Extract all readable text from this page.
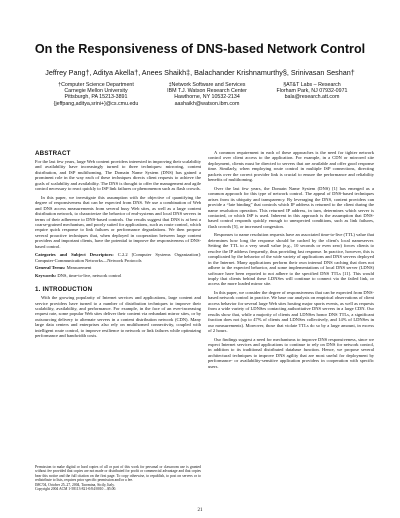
On the Responsiveness of DNS-based Network Control
Jeffrey Pang†, Aditya Akella†, Anees Shaikh‡, Balachander Krishnamurthy§, Srinivasan Seshan†
†Computer Science Department
Carnegie Mellon University
Pittsburgh, PA 15213-3891
{jeffpang,aditya,srini+}@cs.cmu.edu
‡Network Software and Services
IBM T.J. Watson Research Center
Hawthorne, NY 10532-2134
aashaikh@watson.ibm.com
§AT&T Labs – Research
Florham Park, NJ 07932-0971
bala@research.att.com
ABSTRACT

For the last few years, large Web content providers interested in improving their scalability and availability have increasingly turned to three techniques: mirroring, content distribution, and ISP multihoming. The Domain Name System (DNS) has gained a prominent role in the way each of these techniques directs client requests to achieve the goals of scalability and availability. The DNS is thought to offer the management and agile control necessary to react quickly to ISP link failures or phenomenon such as flash crowds.

In this paper, we investigate this assumption with the objective of quantifying the degree of responsiveness that can be expected from DNS. We use a combination of Web and DNS access measurements from several busy Web sites, as well as a large content distribution network, to characterize the behavior of end-systems and local DNS servers in terms of their adherence to DNS-based controls. Our results suggest that DNS is at best a coarse-grained mechanism, and poorly suited for applications, such as route control, which require quick response to link failures or performance degradations. We then propose several proactive techniques that, when deployed in cooperation between large content providers and important clients, have the potential to improve the responsiveness of DNS-based control.

Categories and Subject Descriptors: C.2.2 [Computer Systems Organization]: Computer-Communication Networks—Network Protocols
General Terms: Measurement
Keywords: DNS, time-to-live, network control
1. INTRODUCTION

With the growing popularity of Internet services and applications, large content and service providers have turned to a number of distribution techniques to improve their scalability, availability, and performance. For example, in the face of an ever-increasing request rate, some popular Web sites deliver their content via redundant mirror sites, or by outsourcing delivery to alternate servers in a content distribution network (CDN). Many large data centers and enterprises also rely on multihomed connectivity, coupled with intelligent route control, to improve resilience to network or link failures while optimizing performance and bandwidth costs.

Permission to make digital or hard copies of all or part of this work for personal or classroom use is granted without fee provided that copies are not made or distributed for profit or commercial advantage and that copies bear this notice and the full citation on the first page. To copy otherwise, to republish, to post on servers or to redistribute to lists, requires prior specific permission and/or a fee.
IMC'04, October 25–27, 2004, Taormina, Sicily, Italy.
Copyright 2004 ACM 1-58113-821-0/04/0010 ...$5.00.

A common requirement in each of these approaches is the need for tighter network control over client access to the application. For example, in a CDN or mirrored site deployment, clients must be directed to servers that are available and offer good response time. Similarly, when employing route control in multiple ISP connections, directing packets over the correct provider link is crucial to ensure the performance and reliability benefits of multihoming.

Over the last few years, the Domain Name System (DNS) [1] has emerged as a common approach for this type of network control. The appeal of DNS-based techniques arises from its ubiquity and transparency. By leveraging the DNS, content providers can provide a “late binding” that controls which IP address is returned to the client during the name resolution operation. This returned IP address, in turn, determines which server is contacted, or which ISP is used. Inherent in this approach is the assumption that DNS-based control responds quickly enough to unexpected conditions, such as link failures, flash crowds [5], or increased congestion.

Responses to name resolution requests have an associated time-to-live (TTL) value that determines how long the response should be cached by the client's local nameserver. Setting the TTL to a very small value (e.g., 10 seconds or even zero) forces clients to resolve the IP address frequently, thus providing fast response. In practice, however, this is complicated by the behavior of the wide variety of applications and DNS servers deployed in the Internet. Many applications perform their own internal DNS caching that does not adhere to the expected behavior, and some implementations of local DNS server (LDNS) software have been reported to not adhere to the specified DNS TTLs [11]. This would imply that clients behind these LDNSes will continue to connect via the failed link, or access the more loaded mirror site.

In this paper, we consider the degree of responsiveness that can be expected from DNS-based network control in practice. We base our analysis on empirical observations of client access behavior for several large Web sites hosting major sports events, as well as requests from a wide variety of LDNSes contacting authoritative DNS servers in a large CDN. Our results show that, while a majority of clients and LDNSes honor DNS TTLs, a significant fraction does not (up to 47% of clients and LDNSes collectively, and 14% of LDNSes in our measurements). Moreover, those that violate TTLs do so by a large amount, in excess of 2 hours.

Our findings suggest a need for mechanisms to improve DNS responsiveness, since we expect Internet services and applications to continue to rely on DNS for network control, in addition to its traditional distributed database function. Hence, we propose several architectural techniques to improve DNS agility that are most useful for deployment by performance- or availability-sensitive application providers in cooperation with specific users.

21
